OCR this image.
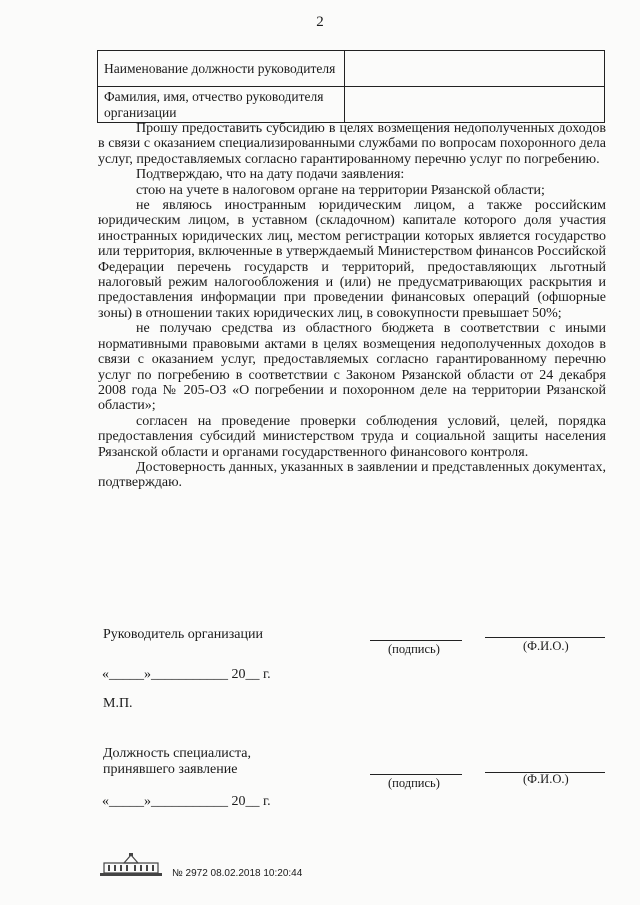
2
Наименование должности руководителя	
Фамилия, имя, отчество руководителя организации	

Прошу предоставить субсидию в целях возмещения недополученных доходов в связи с оказанием специализированными службами по вопросам похоронного дела услуг, предоставляемых согласно гарантированному перечню услуг по погребению.

Подтверждаю, что на дату подачи заявления:

стою на учете в налоговом органе на территории Рязанской области;

не являюсь иностранным юридическим лицом, а также российским юридическим лицом, в уставном (складочном) капитале которого доля участия иностранных юридических лиц, местом регистрации которых является государство или территория, включенные в утверждаемый Министерством финансов Российской Федерации перечень государств и территорий, предоставляющих льготный налоговый режим налогообложения и (или) не предусматривающих раскрытия и предоставления информации при проведении финансовых операций (офшорные зоны) в отношении таких юридических лиц, в совокупности превышает 50%;

не получаю средства из областного бюджета в соответствии с иными нормативными правовыми актами в целях возмещения недополученных доходов в связи с оказанием услуг, предоставляемых согласно гарантированному перечню услуг по погребению в соответствии с Законом Рязанской области от 24 декабря 2008 года № 205-ОЗ «О погребении и похоронном деле на территории Рязанской области»;

согласен на проведение проверки соблюдения условий, целей, порядка предоставления субсидий министерством труда и социальной защиты населения Рязанской области и органами государственного финансового контроля.

Достоверность данных, указанных в заявлении и представленных документах, подтверждаю.

Руководитель организации
(подпись)	(Ф.И.О.)
«_____»___________ 20__ г.
М.П.
Должность специалиста,
принявшего заявление
(подпись)	(Ф.И.О.)
«_____»___________ 20__ г.
№ 2972 08.02.2018 10:20:44
